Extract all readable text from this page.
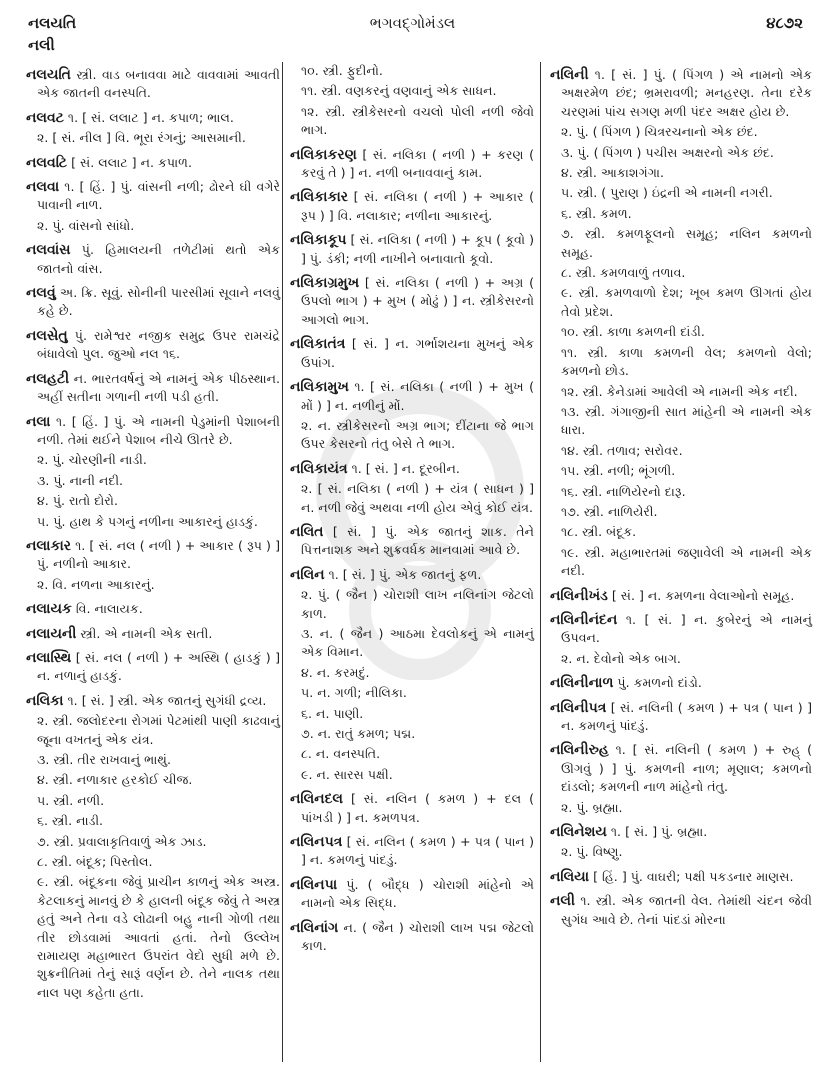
નલયતિ
નલી
ભગવદ્ગોમંડલ	૪૮૭૨
નલયતિ સ્ત્રી. વાડ બનાવવા માટે વાવવામાં આવતી એક જાતની વનસ્પતિ.
નલવટ ૧. [ સં. લલાટ ] ન. કપાળ; ભાલ.
૨. [ સં. નીલ ] વિ. ભૂરા રંગનું; આસમાની.
નલવટિ [ સં. લલાટ ] ન. કપાળ.
નલવા ૧. [ હિં. ] પું. વાંસની નળી; ઢોરને ઘી વગેરે પાવાની નાળ.
૨. પું. વાંસનો સાંધો.
નલવાંસ પું. હિમાલયની તળેટીમાં થતો એક જાતનો વાંસ.
નલવું અ. ક્રિ. સૂવું. સોનીની પારસીમાં સૂવાને નલવું કહે છે.
નલસેતુ પું. રામેશ્વર નજીક સમુદ્ર ઉપર રામચંદ્રે બંધાવેલો પુલ. જુઓ નલ ૧૬.
નલહટી ન. ભારતવર્ષનું એ નામનું એક પીઠસ્થાન. અહીં સતીના ગળાની નળી પડી હતી.
નલા ૧. [ હિં. ] પું. એ નામની પેડુમાંની પેશાબની નળી. તેમાં થઈને પેશાબ નીચે ઊતરે છે.
૨. પું. ચોરણીની નાડી.
૩. પું. નાની નદી.
૪. પું. રાતો દોરો.
૫. પું. હાથ કે પગનું નળીના આકારનું હાડકું.
નલાકાર ૧. [ સં. નલ ( નળી ) + આકાર ( રૂપ ) ] પું. નળીનો આકાર.
૨. વિ. નળના આકારનું.
નલાયક વિ. નાલાયક.
નલાયની સ્ત્રી. એ નામની એક સતી.
નલાસ્થિ [ સં. નલ ( નળી ) + અસ્થિ ( હાડકું ) ] ન. નળાનું હાડકું.
નલિકા ૧. [ સં. ] સ્ત્રી. એક જાતનું સુગંધી દ્રવ્ય.
૨. સ્ત્રી. જલોદરના રોગમાં પેટમાંથી પાણી કાઢવાનું જૂના વખતનું એક યંત્ર.
૩. સ્ત્રી. તીર રાખવાનું ભાથું.
૪. સ્ત્રી. નળાકાર હરકોઈ ચીજ.
૫. સ્ત્રી. નળી.
૬. સ્ત્રી. નાડી.
૭. સ્ત્રી. પ્રવાલાકૃતિવાળું એક ઝાડ.
૮. સ્ત્રી. બંદૂક; પિસ્તોલ.
૯. સ્ત્રી. બંદૂકના જેવું પ્રાચીન કાળનું એક અસ્ત્ર. કેટલાકનું માનવું છે કે હાલની બંદૂક જેવું તે અસ્ત્ર હતું અને તેના વડે લોઢાની બહુ નાની ગોળી તથા તીર છોડવામાં આવતાં હતાં. તેનો ઉલ્લેખ રામાયણ મહાભારત ઉપરાંત વેદો સુધી મળે છે. શુક્રનીતિમાં તેનું સારૂં વર્ણન છે. તેને નાલક તથા નાલ પણ કહેતા હતા.
૧૦. સ્ત્રી. ફુદીનો.
૧૧. સ્ત્રી. વણકરનું વણવાનું એક સાધન.
૧૨. સ્ત્રી. સ્ત્રીકેસરનો વચલો પોલી નળી જેવો ભાગ.
નલિકાકરણ [ સં. નલિકા ( નળી ) + કરણ ( કરવું તે ) ] ન. નળી બનાવવાનું કામ.
નલિકાકાર [ સં. નલિકા ( નળી ) + આકાર ( રૂપ ) ] વિ. નલાકાર; નળીના આકારનું.
નલિકાકૂપ [ સં. નલિકા ( નળી ) + કૂપ ( કૂવો ) ] પું. ડંકી; નળી નાખીને બનાવાતો કૂવો.
નલિકાગ્રમુખ [ સં. નલિકા ( નળી ) + અગ્ર ( ઉપલો ભાગ ) + મુખ ( મોઢું ) ] ન. સ્ત્રીકેસરનો આગલો ભાગ.
નલિકાતંત્ર [ સં. ] ન. ગર્ભાશયના મુખનું એક ઉપાંગ.
નલિકામુખ ૧. [ સં. નલિકા ( નળી ) + મુખ ( મોં ) ] ન. નળીનું મોં.
૨. ન. સ્ત્રીકેસરનો અગ્ર ભાગ; દીંટાના જે ભાગ ઉપર કેસરનો તંતુ બેસે તે ભાગ.
નલિકાયંત્ર ૧. [ સં. ] ન. દૂરબીન.
૨. [ સં. નલિકા ( નળી ) + યંત્ર ( સાધન ) ] ન. નળી જેવું અથવા નળી હોય એવું કોઈ યંત્ર.
નલિત [ સં. ] પું. એક જાતનું શાક. તેને પિત્તનાશક અને શુક્રવર્ધક માનવામાં આવે છે.
નલિન ૧. [ સં. ] પું. એક જાતનું ફળ.
૨. પું. ( જૈન ) ચોરાશી લાખ નલિનાંગ જેટલો કાળ.
૩. ન. ( જૈન ) આઠમા દેવલોકનું એ નામનું એક વિમાન.
૪. ન. કરમદું.
૫. ન. ગળી; નીલિકા.
૬. ન. પાણી.
૭. ન. રાતું કમળ; પદ્મ.
૮. ન. વનસ્પતિ.
૯. ન. સારસ પક્ષી.
નલિનદલ [ સં. નલિન ( કમળ ) + દલ ( પાંખડી ) ] ન. કમળપત્ર.
નલિનપત્ર [ સં. નલિન ( કમળ ) + પત્ર ( પાન ) ] ન. કમળનું પાંદડું.
નલિનપા પું. ( બૌદ્ધ ) ચોરાશી માંહેનો એ નામનો એક સિદ્ધ.
નલિનાંગ ન. ( જૈન ) ચોરાશી લાખ પદ્મ જેટલો કાળ.
નલિની ૧. [ સં. ] પું. ( પિંગળ ) એ નામનો એક અક્ષરમેળ છંદ; ભ્રમરાવળી; મનહરણ. તેના દરેક ચરણમાં પાંચ સગણ મળી પંદર અક્ષર હોય છે.
૨. પું. ( પિંગળ ) ચિત્રરચનાનો એક છંદ.
૩. પું. ( પિંગળ ) પચીસ અક્ષરનો એક છંદ.
૪. સ્ત્રી. આકાશગંગા.
૫. સ્ત્રી. ( પુરાણ ) ઇંદ્રની એ નામની નગરી.
૬. સ્ત્રી. કમળ.
૭. સ્ત્રી. કમળફૂલનો સમૂહ; નલિન કમળનો સમૂહ.
૮. સ્ત્રી. કમળવાળું તળાવ.
૯. સ્ત્રી. કમળવાળો દેશ; ખૂબ કમળ ઊગતાં હોય તેવો પ્રદેશ.
૧૦. સ્ત્રી. કાળા કમળની દાંડી.
૧૧. સ્ત્રી. કાળા કમળની વેલ; કમળનો વેલો; કમળનો છોડ.
૧૨. સ્ત્રી. કેનેડામાં આવેલી એ નામની એક નદી.
૧૩. સ્ત્રી. ગંગાજીની સાત માંહેની એ નામની એક ધારા.
૧૪. સ્ત્રી. તળાવ; સરોવર.
૧૫. સ્ત્રી. નળી; ભૂંગળી.
૧૬. સ્ત્રી. નાળિયેરનો દારૂ.
૧૭. સ્ત્રી. નાળિયેરી.
૧૮. સ્ત્રી. બંદૂક.
૧૯. સ્ત્રી. મહાભારતમાં જણાવેલી એ નામની એક નદી.
નલિનીખંડ [ સં. ] ન. કમળના વેલાઓનો સમૂહ.
નલિનીનંદન ૧. [ સં. ] ન. કુબેરનું એ નામનું ઉપવન.
૨. ન. દેવોનો એક બાગ.
નલિનીનાળ પું. કમળનો દાંડો.
નલિનીપત્ર [ સં. નલિની ( કમળ ) + પત્ર ( પાન ) ] ન. કમળનું પાંદડું.
નલિનીરુહ ૧. [ સં. નલિની ( કમળ ) + રુહ્ ( ઊગવું ) ] પું. કમળની નાળ; મૃણાલ; કમળનો દાંડલો; કમળની નાળ માંહેનો તંતુ.
૨. પું. બ્રહ્મા.
નલિનેશય ૧. [ સં. ] પું. બ્રહ્મા.
૨. પું. વિષ્ણુ.
નલિયા [ હિં. ] પું. વાઘરી; પક્ષી પકડનાર માણસ.
નલી ૧. સ્ત્રી. એક જાતની વેલ. તેમાંથી ચંદન જેવી સુગંધ આવે છે. તેનાં પાંદડાં મોરના
